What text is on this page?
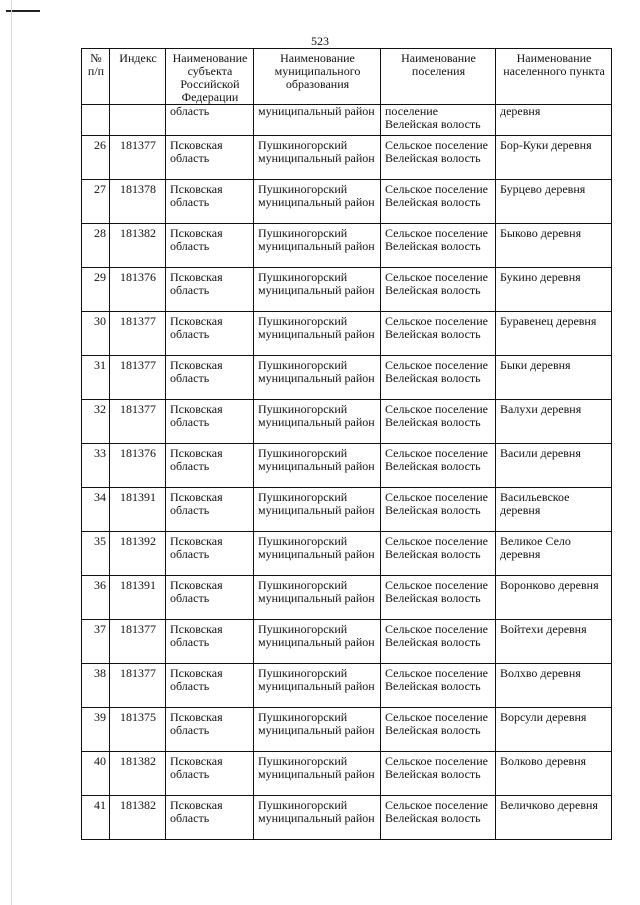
523
№ п/п	Индекс	Наименование субъекта Российской Федерации	Наименование муниципального образования	Наименование поселения	Наименование населенного пункта
		область	муниципальный район	поселение Велейская волость	деревня
26	181377	Псковская область	Пушкиногорский муниципальный район	Сельское поселение Велейская волость	Бор-Куки деревня
27	181378	Псковская область	Пушкиногорский муниципальный район	Сельское поселение Велейская волость	Бурцево деревня
28	181382	Псковская область	Пушкиногорский муниципальный район	Сельское поселение Велейская волость	Быково деревня
29	181376	Псковская область	Пушкиногорский муниципальный район	Сельское поселение Велейская волость	Букино деревня
30	181377	Псковская область	Пушкиногорский муниципальный район	Сельское поселение Велейская волость	Буравенец деревня
31	181377	Псковская область	Пушкиногорский муниципальный район	Сельское поселение Велейская волость	Быки деревня
32	181377	Псковская область	Пушкиногорский муниципальный район	Сельское поселение Велейская волость	Валухи деревня
33	181376	Псковская область	Пушкиногорский муниципальный район	Сельское поселение Велейская волость	Васили деревня
34	181391	Псковская область	Пушкиногорский муниципальный район	Сельское поселение Велейская волость	Васильевское деревня
35	181392	Псковская область	Пушкиногорский муниципальный район	Сельское поселение Велейская волость	Великое Село деревня
36	181391	Псковская область	Пушкиногорский муниципальный район	Сельское поселение Велейская волость	Воронково деревня
37	181377	Псковская область	Пушкиногорский муниципальный район	Сельское поселение Велейская волость	Войтехи деревня
38	181377	Псковская область	Пушкиногорский муниципальный район	Сельское поселение Велейская волость	Волхво деревня
39	181375	Псковская область	Пушкиногорский муниципальный район	Сельское поселение Велейская волость	Ворсули деревня
40	181382	Псковская область	Пушкиногорский муниципальный район	Сельское поселение Велейская волость	Волково деревня
41	181382	Псковская область	Пушкиногорский муниципальный район	Сельское поселение Велейская волость	Величково деревня
